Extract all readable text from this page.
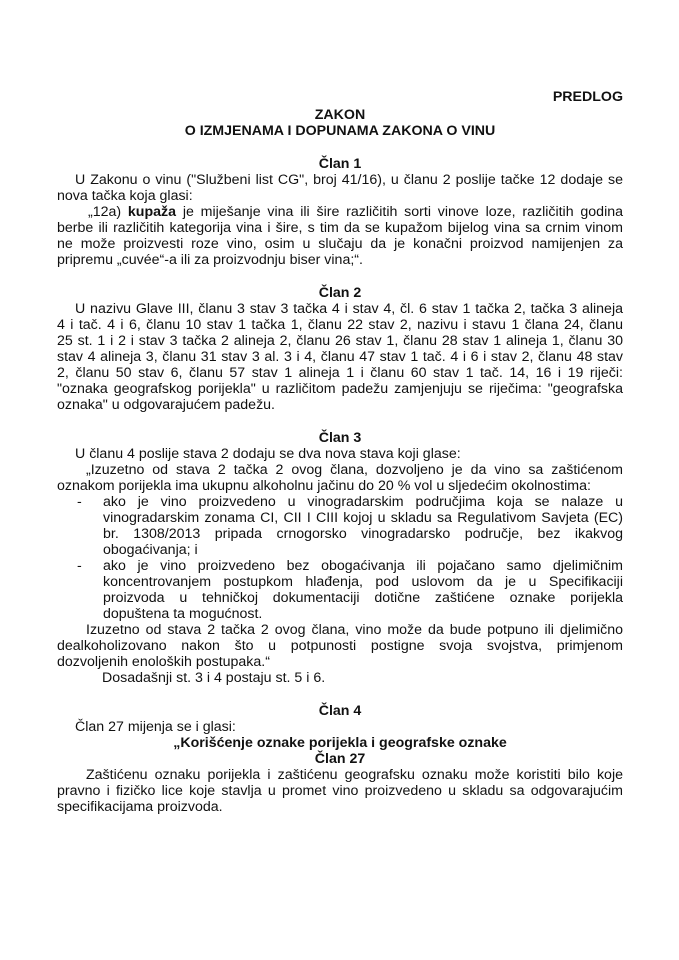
PREDLOG
ZAKON
O IZMJENAMA I DOPUNAMA ZAKONA O VINU
Član 1
U Zakonu o vinu ("Službeni list CG", broj 41/16), u članu 2 poslije tačke 12 dodaje se
nova tačka koja glasi:
„12a) kupaža je miješanje vina ili šire različitih sorti vinove loze, različitih godina
berbe ili različitih kategorija vina i šire, s tim da se kupažom bijelog vina sa crnim vinom
ne može proizvesti roze vino, osim u slučaju da je konačni proizvod namijenjen za
pripremu „cuvée“-a ili za proizvodnju biser vina;“.
Član 2
U nazivu Glave III, članu 3 stav 3 tačka 4 i stav 4, čl. 6 stav 1 tačka 2, tačka 3 alineja
4 i tač. 4 i 6, članu 10 stav 1 tačka 1, članu 22 stav 2, nazivu i stavu 1 člana 24, članu
25 st. 1 i 2 i stav 3 tačka 2 alineja 2, članu 26 stav 1, članu 28 stav 1 alineja 1, članu 30
stav 4 alineja 3, članu 31 stav 3 al. 3 i 4, članu 47 stav 1 tač. 4 i 6 i stav 2, članu 48 stav
2, članu 50 stav 6, članu 57 stav 1 alineja 1 i članu 60 stav 1 tač. 14, 16 i 19 riječi:
"oznaka geografskog porijekla" u različitom padežu zamjenjuju se riječima: "geografska
oznaka" u odgovarajućem padežu.
Član 3
U članu 4 poslije stava 2 dodaju se dva nova stava koji glase:
„Izuzetno od stava 2 tačka 2 ovog člana, dozvoljeno je da vino sa zaštićenom
oznakom porijekla ima ukupnu alkoholnu jačinu do 20 % vol u sljedećim okolnostima:
- ako je vino proizvedeno u vinogradarskim područjima koja se nalaze u
vinogradarskim zonama CI, CII I CIII kojoj u skladu sa Regulativom Savjeta (EC)
br. 1308/2013 pripada crnogorsko vinogradarsko područje, bez ikakvog
obogaćivanja; i
- ako je vino proizvedeno bez obogaćivanja ili pojačano samo djelimičnim
koncentrovanjem postupkom hlađenja, pod uslovom da je u Specifikaciji
proizvoda u tehničkoj dokumentaciji dotične zaštićene oznake porijekla
dopuštena ta mogućnost.
Izuzetno od stava 2 tačka 2 ovog člana, vino može da bude potpuno ili djelimično
dealkoholizovano nakon što u potpunosti postigne svoja svojstva, primjenom
dozvoljenih enoloških postupaka.“
Dosadašnji st. 3 i 4 postaju st. 5 i 6.
Član 4
Član 27 mijenja se i glasi:
„Korišćenje oznake porijekla i geografske oznake
Član 27
Zaštićenu oznaku porijekla i zaštićenu geografsku oznaku može koristiti bilo koje
pravno i fizičko lice koje stavlja u promet vino proizvedeno u skladu sa odgovarajućim
specifikacijama proizvoda.
